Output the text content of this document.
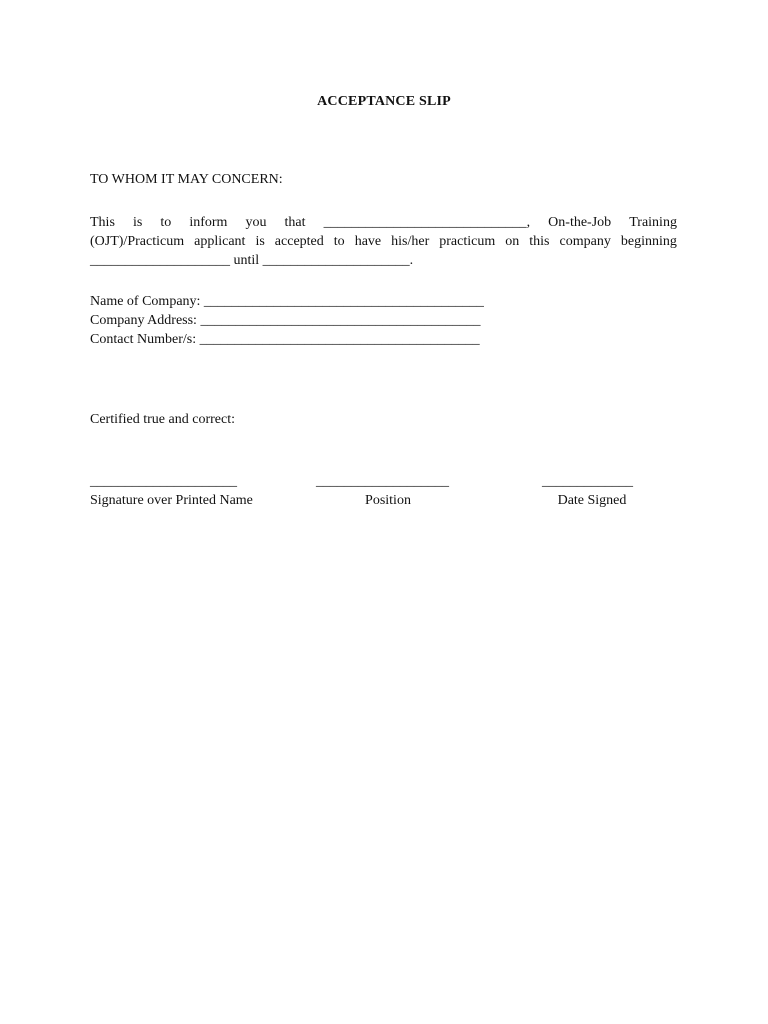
ACCEPTANCE SLIP
TO WHOM IT MAY CONCERN:
This is to inform you that _____________________________, On-the-Job Training
(OJT)/Practicum applicant is accepted to have his/her practicum on this company beginning
____________________ until _____________________.
Name of Company: ________________________________________
Company Address: ________________________________________
Contact Number/s: ________________________________________
Certified true and correct:
_____________________
Signature over Printed Name
___________________
Position
_____________
Date Signed
